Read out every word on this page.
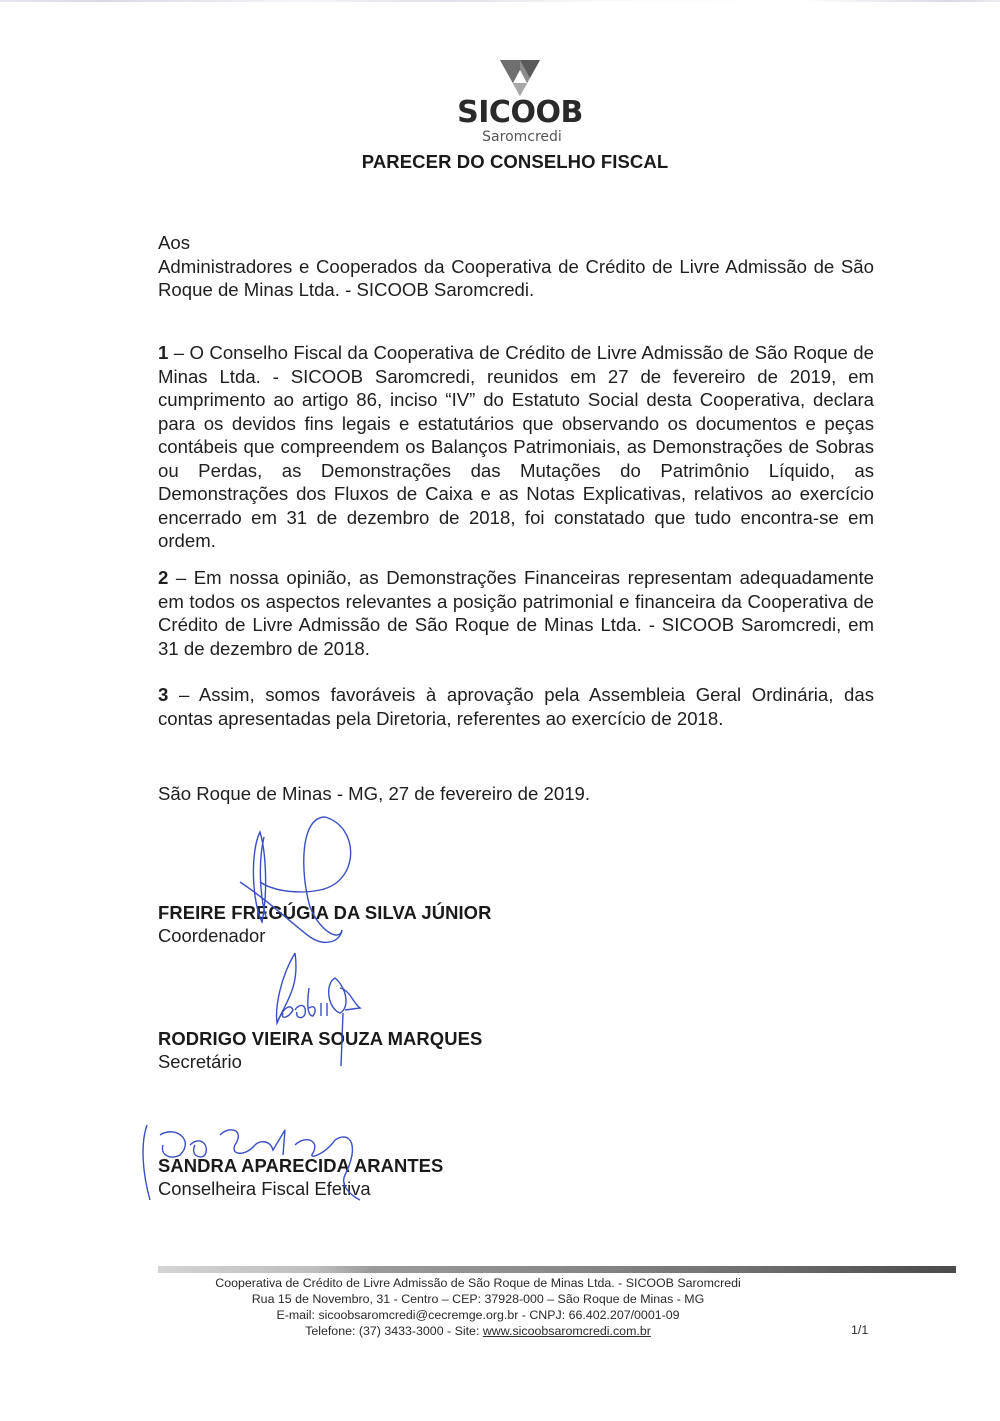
SICOOB
Saromcredi
PARECER DO CONSELHO FISCAL
Aos
Administradores e Cooperados da Cooperativa de Crédito de Livre Admissão de São Roque de Minas Ltda. - SICOOB Saromcredi.
1 – O Conselho Fiscal da Cooperativa de Crédito de Livre Admissão de São Roque de Minas Ltda. - SICOOB Saromcredi, reunidos em 27 de fevereiro de 2019, em cumprimento ao artigo 86, inciso “IV” do Estatuto Social desta Cooperativa, declara para os devidos fins legais e estatutários que observando os documentos e peças contábeis que compreendem os Balanços Patrimoniais, as Demonstrações de Sobras ou Perdas, as Demonstrações das Mutações do Patrimônio Líquido, as Demonstrações dos Fluxos de Caixa e as Notas Explicativas, relativos ao exercício encerrado em 31 de dezembro de 2018, foi constatado que tudo encontra-se em ordem.
2 – Em nossa opinião, as Demonstrações Financeiras representam adequadamente em todos os aspectos relevantes a posição patrimonial e financeira da Cooperativa de Crédito de Livre Admissão de São Roque de Minas Ltda. - SICOOB Saromcredi, em 31 de dezembro de 2018.
3 – Assim, somos favoráveis à aprovação pela Assembleia Geral Ordinária, das contas apresentadas pela Diretoria, referentes ao exercício de 2018.
São Roque de Minas - MG, 27 de fevereiro de 2019.
FREIRE FREGÚGIA DA SILVA JÚNIOR
Coordenador
RODRIGO VIEIRA SOUZA MARQUES
Secretário
SANDRA APARECIDA ARANTES
Conselheira Fiscal Efetiva
Cooperativa de Crédito de Livre Admissão de São Roque de Minas Ltda. - SICOOB Saromcredi
Rua 15 de Novembro, 31 - Centro – CEP: 37928-000 – São Roque de Minas - MG
E-mail: sicoobsaromcredi@cecremge.org.br - CNPJ: 66.402.207/0001-09
Telefone: (37) 3433-3000 - Site: www.sicoobsaromcredi.com.br	1/1
